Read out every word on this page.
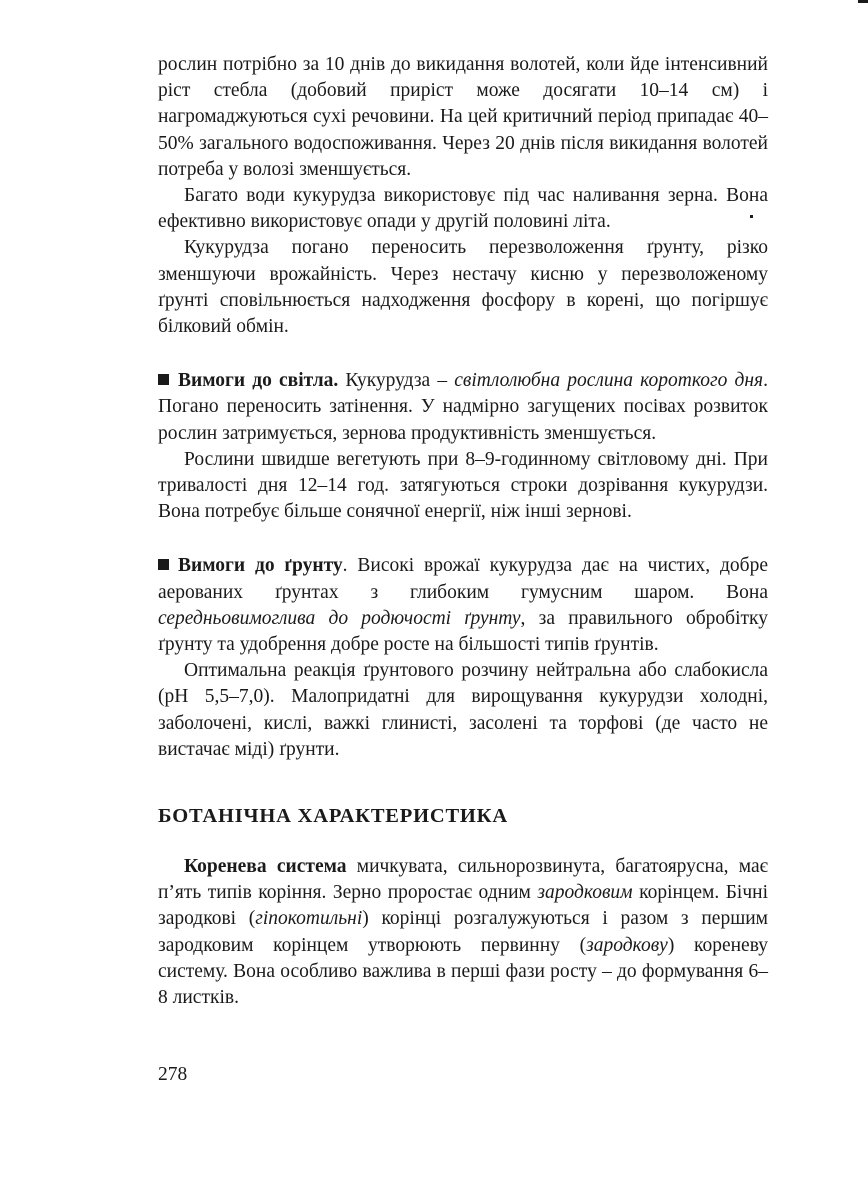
рослин потрібно за 10 днів до викидання волотей, коли йде інтенсивний ріст стебла (добовий приріст може досягати 10–14 см) і нагромаджуються сухі речовини. На цей критичний період припадає 40–50% загального водоспоживання. Через 20 днів після викидання волотей потреба у волозі зменшується.

Багато води кукурудза використовує під час наливання зерна. Вона ефективно використовує опади у другій половині літа.

Кукурудза погано переносить перезволоження ґрунту, різко зменшуючи врожайність. Через нестачу кисню у перезволоженому ґрунті сповільнюється надходження фосфору в корені, що погіршує білковий обмін.

Вимоги до світла. Кукурудза – світлолюбна рослина короткого дня. Погано переносить затінення. У надмірно загущених посівах розвиток рослин затримується, зернова продуктивність зменшується.

Рослини швидше вегетують при 8–9-годинному світловому дні. При тривалості дня 12–14 год. затягуються строки дозрівання кукурудзи. Вона потребує більше сонячної енергії, ніж інші зернові.

Вимоги до ґрунту. Високі врожаї кукурудза дає на чистих, добре аерованих ґрунтах з глибоким гумусним шаром. Вона середньовимоглива до родючості ґрунту, за правильного обробітку ґрунту та удобрення добре росте на більшості типів ґрунтів.

Оптимальна реакція ґрунтового розчину нейтральна або слабокисла (pH 5,5–7,0). Малопридатні для вирощування кукурудзи холодні, заболочені, кислі, важкі глинисті, засолені та торфові (де часто не вистачає міді) ґрунти.

БОТАНІЧНА ХАРАКТЕРИСТИКА

Коренева система мичкувата, сильнорозвинута, багатоярусна, має п’ять типів коріння. Зерно проростає одним зародковим корінцем. Бічні зародкові (гіпокотильні) корінці розгалужуються і разом з першим зародковим корінцем утворюють первинну (зародкову) кореневу систему. Вона особливо важлива в перші фази росту – до формування 6–8 листків.

278
